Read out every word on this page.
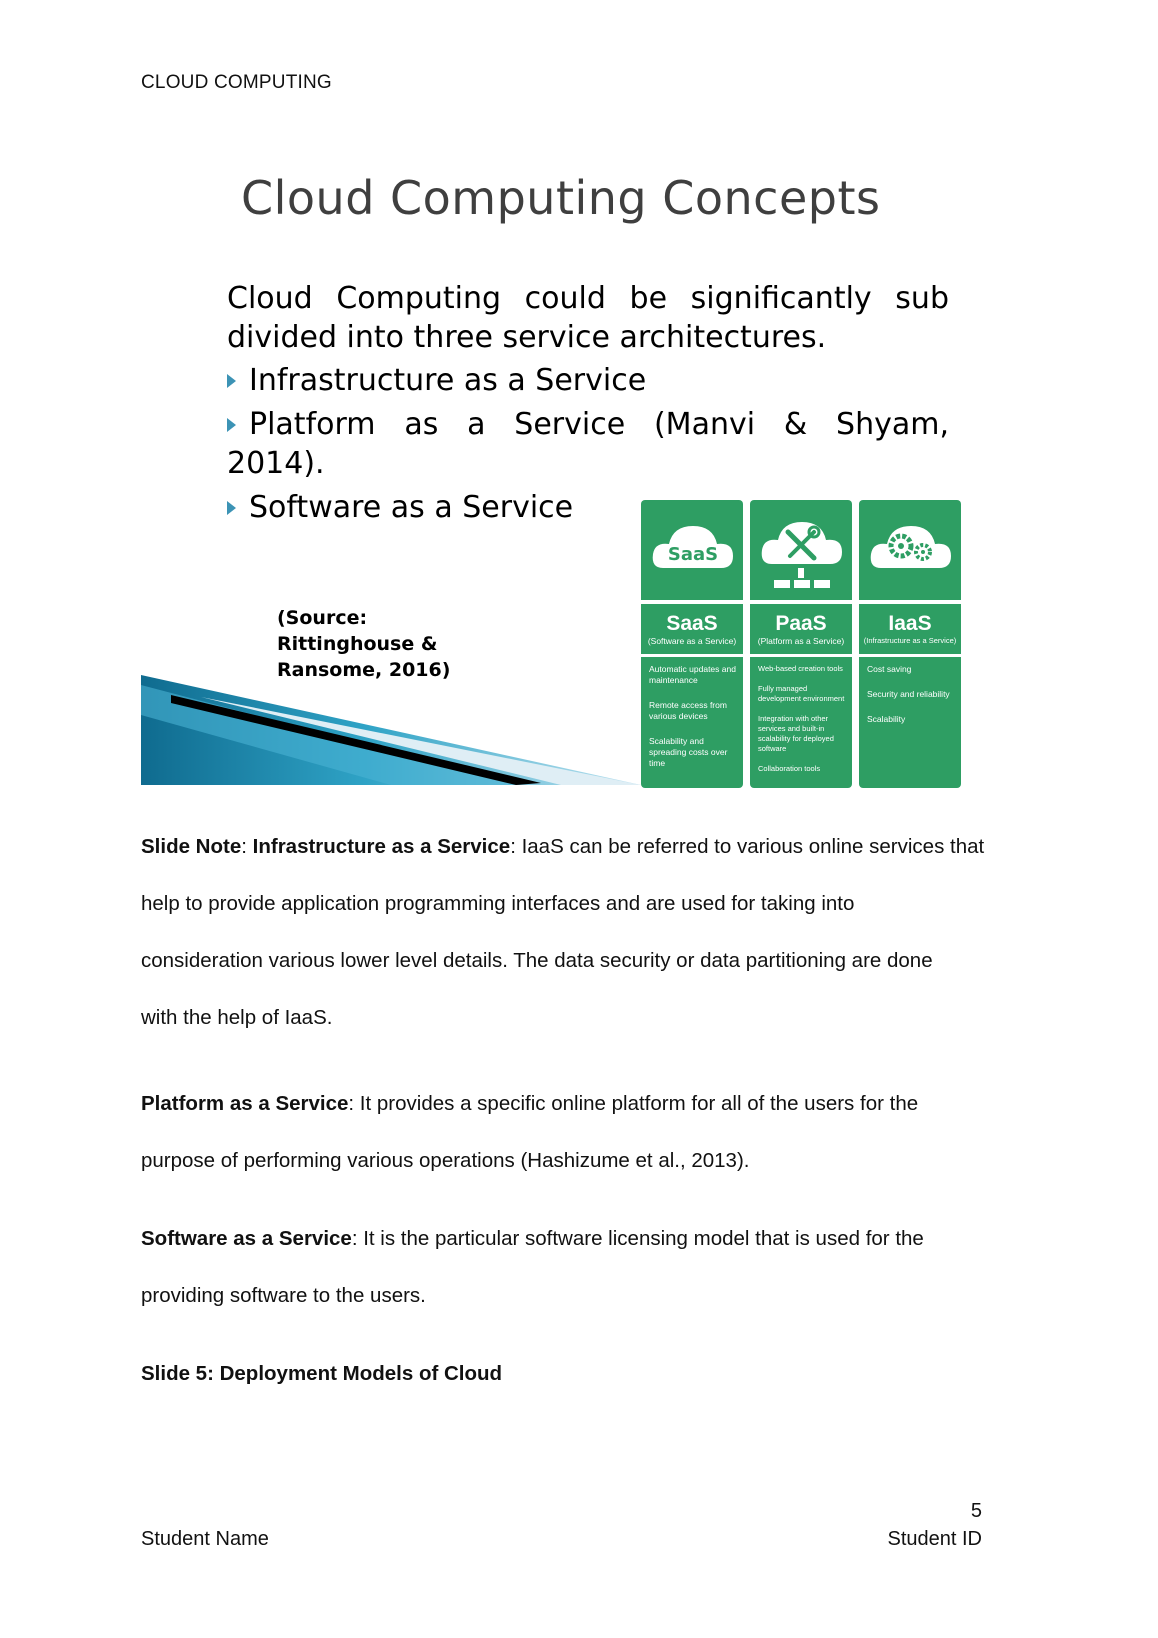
CLOUD COMPUTING
Cloud Computing Concepts
Cloud Computing could be significantly sub
divided into three service architectures.
Infrastructure as a Service
Platform as a Service (Manvi & Shyam,
2014).
Software as a Service
(Source:
Rittinghouse &
Ransome, 2016)
SaaS
SaaS
(Software as a Service)
Automatic updates and maintenance
Remote access from various devices
Scalability and spreading costs over time
PaaS
(Platform as a Service)
Web-based creation tools
Fully managed development environment
Integration with other services and built-in scalability for deployed software
Collaboration tools
IaaS
(Infrastructure as a Service)
Cost saving
Security and reliability
Scalability
Slide Note: Infrastructure as a Service: IaaS can be referred to various online services that
help to provide application programming interfaces and are used for taking into
consideration various lower level details. The data security or data partitioning are done
with the help of IaaS.
Platform as a Service: It provides a specific online platform for all of the users for the
purpose of performing various operations (Hashizume et al., 2013).
Software as a Service: It is the particular software licensing model that is used for the
providing software to the users.
Slide 5: Deployment Models of Cloud
5
Student Name	Student ID
